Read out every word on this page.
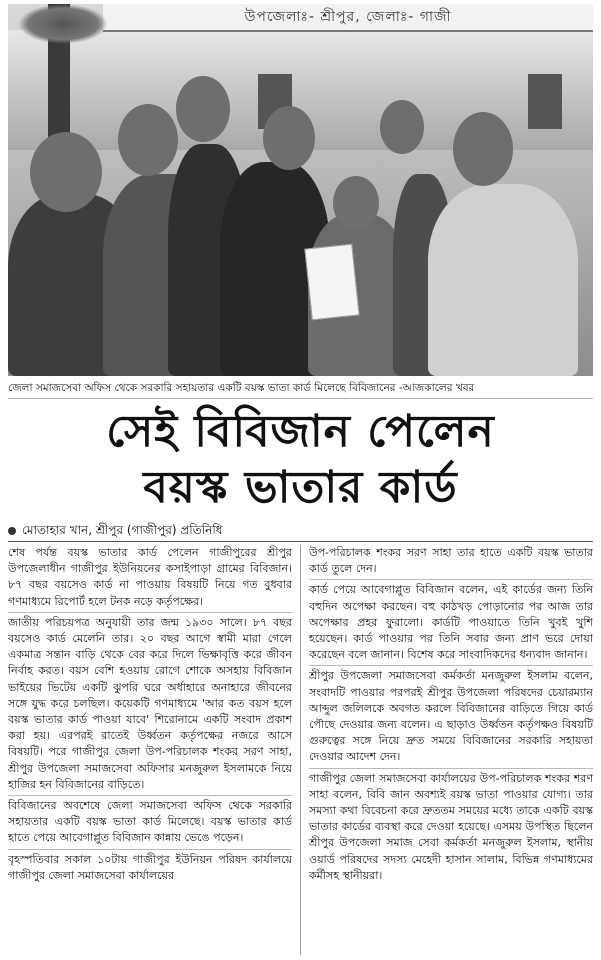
উপজেলাঃ- শ্রীপুর, জেলাঃ- গাজী
জেলা সমাজসেবা অফিস থেকে সরকারি সহায়তার একটি বয়স্ক ভাতা কার্ড মিলেছে বিবিজানের -আজকালের খবর
সেই বিবিজান পেলেন
বয়স্ক ভাতার কার্ড
মোতাহার খান, শ্রীপুর (গাজীপুর) প্রতিনিধি

শেষ পর্যন্ত বয়স্ক ভাতার কার্ড পেলেন গাজীপুরের শ্রীপুর উপজেলাধীন গাজীপুর ইউনিয়নের কসাইপাড়া গ্রামের বিবিজান। ৮৭ বছর বয়সেও কার্ড না পাওয়ায় বিষয়টি নিয়ে গত বুধবার গণমাধ্যমে রিপোর্ট হলে টনক নড়ে কর্তৃপক্ষের।

জাতীয় পরিচয়পত্র অনুযায়ী তার জন্ম ১৯৩০ সালে। ৮৭ বছর বয়সেও কার্ড মেলেনি তার। ২০ বছর আগে স্বামী মারা গেলে একমাত্র সন্তান বাড়ি থেকে বের করে দিলে ভিক্ষাবৃত্তি করে জীবন নির্বাহ করত। বয়স বেশি হওয়ায় রোগে শোকে অসহায় বিবিজান ভাইয়ের ভিটেয় একটি ঝুপরি ঘরে অর্ধাহারে অনাহারে জীবনের সঙ্গে যুদ্ধ করে চলছিল। কয়েকটি গণমাধ্যমে 'আর কত বয়স হলে বয়স্ক ভাতার কার্ড পাওয়া যাবে' শিরোনামে একটি সংবাদ প্রকাশ করা হয়। এরপরই রাতেই উর্ধ্বতন কর্তৃপক্ষের নজরে আসে বিষয়টি। পরে গাজীপুর জেলা উপ-পরিচালক শংকর সরণ সাহা, শ্রীপুর উপজেলা সমাজসেবা অফিসার মনজুরুল ইসলামকে নিয়ে হাজির হন বিবিজানের বাড়িতে।

বিবিজানের অবশেষে জেলা সমাজসেবা অফিস থেকে সরকারি সহায়তার একটি বয়স্ক ভাতা কার্ড মিলেছে। বয়স্ক ভাতার কার্ড হাতে পেয়ে আবেগাপ্লুত বিবিজান কান্নায় ভেঙে পড়েন।

বৃহস্পতিবার সকাল ১০টায় গাজীপুর ইউনিয়ন পরিষদ কার্যালয়ে গাজীপুর জেলা সমাজসেবা কার্যালয়ের

উপ-পরিচালক শংকর সরণ সাহা তার হাতে একটি বয়স্ক ভাতার কার্ড তুলে দেন।

কার্ড পেয়ে আবেগাপ্লুত বিবিজান বলেন, এই কার্ডের জন্য তিনি বহুদিন অপেক্ষা করছেন। বহু কাঠখড় পোড়ানোর পর আজ তার অপেক্ষার প্রহর ফুরালো। কার্ডটি পাওয়াতে তিনি খুবই খুশি হয়েছেন। কার্ড পাওয়ার পর তিনি সবার জন্য প্রাণ ভরে দোয়া করেছেন বলে জানান। বিশেষ করে সাংবাদিকদের ধন্যবাদ জানান।

শ্রীপুর উপজেলা সমাজসেবা কর্মকর্তা মনজুরুল ইসলাম বলেন, সংবাদটি পাওয়ার পরপরই শ্রীপুর উপজেলা পরিষদের চেয়ারম্যান আব্দুল জলিলকে অবগত করলে বিবিজানের বাড়িতে গিয়ে কার্ড পৌছে দেওয়ার জন্য বলেন। এ ছাড়াও উর্ধ্বতন কর্তৃপক্ষও বিষয়টি গুরুত্বের সঙ্গে নিয়ে দ্রুত সময়ে বিবিজানের সরকারি সহায়তা দেওয়ার আদেশ দেন।

গাজীপুর জেলা সমাজসেবা কার্যালয়ের উপ-পরিচালক শংকর শরণ সাহা বলেন, বিবি জান অবশ্যই বয়স্ক ভাতা পাওয়ার যোগ্য। তার সমস্যা কথা বিবেচনা করে দ্রুততম সময়ের মধ্যে তাকে একটি বয়স্ক ভাতার কার্ডের ব্যবস্থা করে দেওয়া হয়েছে। এসময় উপস্থিত ছিলেন শ্রীপুর উপজেলা সমাজ সেবা কর্মকর্তা মনজুরুল ইসলাম, স্থানীয় ওয়ার্ড পরিষদের সদস্য মেহেদী হাসান সালাম, বিভিন্ন গণমাধ্যমের কর্মীসহ স্থানীয়রা।
